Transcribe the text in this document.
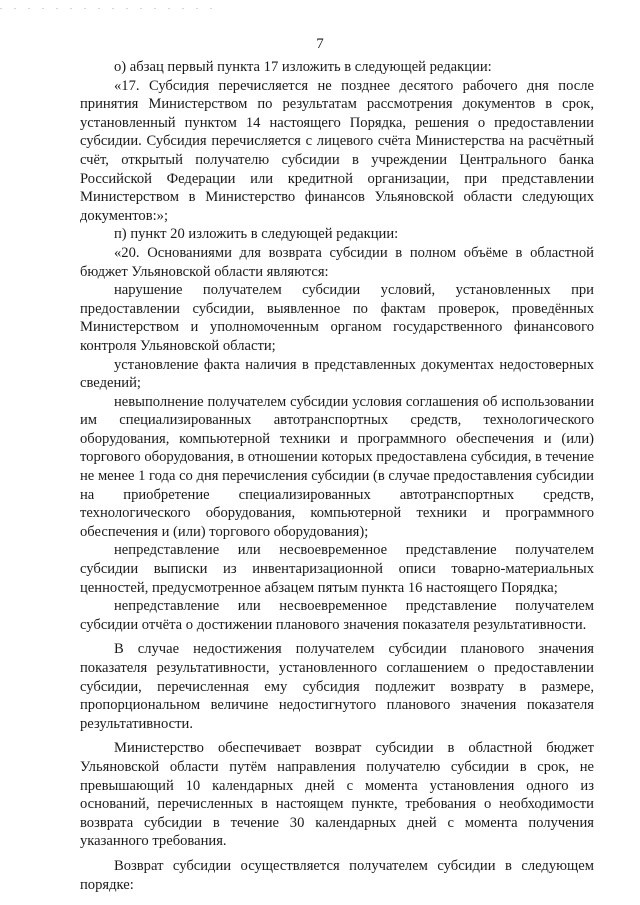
7

о) абзац первый пункта 17 изложить в следующей редакции:

«17. Субсидия перечисляется не позднее десятого рабочего дня после принятия Министерством по результатам рассмотрения документов в срок, установленный пунктом 14 настоящего Порядка, решения о предоставлении субсидии. Субсидия перечисляется с лицевого счёта Министерства на расчётный счёт, открытый получателю субсидии в учреждении Центрального банка Российской Федерации или кредитной организации, при представлении Министерством в Министерство финансов Ульяновской области следующих документов:»;

п) пункт 20 изложить в следующей редакции:

«20. Основаниями для возврата субсидии в полном объёме в областной бюджет Ульяновской области являются:

нарушение получателем субсидии условий, установленных при предоставлении субсидии, выявленное по фактам проверок, проведённых Министерством и уполномоченным органом государственного финансового контроля Ульяновской области;

установление факта наличия в представленных документах недостоверных сведений;

невыполнение получателем субсидии условия соглашения об использовании им специализированных автотранспортных средств, технологического оборудования, компьютерной техники и программного обеспечения и (или) торгового оборудования, в отношении которых предоставлена субсидия, в течение не менее 1 года со дня перечисления субсидии (в случае предоставления субсидии на приобретение специализированных автотранспортных средств, технологического оборудования, компьютерной техники и программного обеспечения и (или) торгового оборудования);

непредставление или несвоевременное представление получателем субсидии выписки из инвентаризационной описи товарно-материальных ценностей, предусмотренное абзацем пятым пункта 16 настоящего Порядка;

непредставление или несвоевременное представление получателем субсидии отчёта о достижении планового значения показателя результативности.

В случае недостижения получателем субсидии планового значения показателя результативности, установленного соглашением о предоставлении субсидии, перечисленная ему субсидия подлежит возврату в размере, пропорциональном величине недостигнутого планового значения показателя результативности.

Министерство обеспечивает возврат субсидии в областной бюджет Ульяновской области путём направления получателю субсидии в срок, не превышающий 10 календарных дней с момента установления одного из оснований, перечисленных в настоящем пункте, требования о необходимости возврата субсидии в течение 30 календарных дней с момента получения указанного требования.

Возврат субсидии осуществляется получателем субсидии в следующем порядке:
